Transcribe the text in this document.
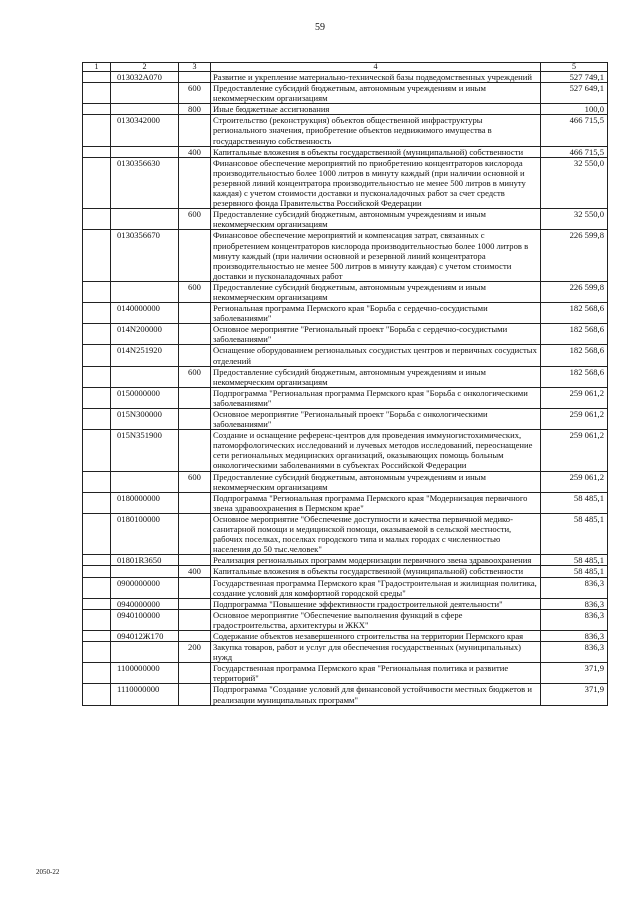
59
1	2	3	4	5
	013032A070		Развитие и укрепление материально-технической базы подведомственных учреждений	527 749,1
		600	Предоставление субсидий бюджетным, автономным учреждениям и иным некоммерческим организациям	527 649,1
		800	Иные бюджетные ассигнования	100,0
	0130342000		Строительство (реконструкция) объектов общественной инфраструктуры регионального значения, приобретение объектов недвижимого имущества в государственную собственность	466 715,5
		400	Капитальные вложения в объекты государственной (муниципальной) собственности	466 715,5
	0130356630		Финансовое обеспечение мероприятий по приобретению концентраторов кислорода производительностью более 1000 литров в минуту каждый (при наличии основной и резервной линий концентратора производительностью не менее 500 литров в минуту каждая) с учетом стоимости доставки и пусконаладочных работ за счет средств резервного фонда Правительства Российской Федерации	32 550,0
		600	Предоставление субсидий бюджетным, автономным учреждениям и иным некоммерческим организациям	32 550,0
	0130356670		Финансовое обеспечение мероприятий и компенсация затрат, связанных с приобретением концентраторов кислорода производительностью более 1000 литров в минуту каждый (при наличии основной и резервной линий концентратора производительностью не менее 500 литров в минуту каждая) с учетом стоимости доставки и пусконаладочных работ	226 599,8
		600	Предоставление субсидий бюджетным, автономным учреждениям и иным некоммерческим организациям	226 599,8
	0140000000		Региональная программа Пермского края "Борьба с сердечно-сосудистыми заболеваниями"	182 568,6
	014N200000		Основное мероприятие "Региональный проект "Борьба с сердечно-сосудистыми заболеваниями"	182 568,6
	014N251920		Оснащение оборудованием региональных сосудистых центров и первичных сосудистых отделений	182 568,6
		600	Предоставление субсидий бюджетным, автономным учреждениям и иным некоммерческим организациям	182 568,6
	0150000000		Подпрограмма "Региональная программа Пермского края "Борьба с онкологическими заболеваниями"	259 061,2
	015N300000		Основное мероприятие "Региональный проект "Борьба с онкологическими заболеваниями"	259 061,2
	015N351900		Создание и оснащение референс-центров для проведения иммуногистохимических, патоморфологических исследований и лучевых методов исследований, переоснащение сети региональных медицинских организаций, оказывающих помощь больным онкологическими заболеваниями в субъектах Российской Федерации	259 061,2
		600	Предоставление субсидий бюджетным, автономным учреждениям и иным некоммерческим организациям	259 061,2
	0180000000		Подпрограмма "Региональная программа Пермского края "Модернизация первичного звена здравоохранения в Пермском крае"	58 485,1
	0180100000		Основное мероприятие "Обеспечение доступности и качества первичной медико-санитарной помощи и медицинской помощи, оказываемой в сельской местности, рабочих поселках, поселках городского типа и малых городах с численностью населения до 50 тыс.человек"	58 485,1
	01801R3650		Реализация региональных программ модернизации первичного звена здравоохранения	58 485,1
		400	Капитальные вложения в объекты государственной (муниципальной) собственности	58 485,1
	0900000000		Государственная программа Пермского края "Градостроительная и жилищная политика, создание условий для комфортной городской среды"	836,3
	0940000000		Подпрограмма "Повышение эффективности градостроительной деятельности"	836,3
	0940100000		Основное мероприятие "Обеспечение выполнения функций в сфере градостроительства, архитектуры и ЖКХ"	836,3
	094012Ж170		Содержание объектов незавершенного строительства на территории Пермского края	836,3
		200	Закупка товаров, работ и услуг для обеспечения государственных (муниципальных) нужд	836,3
	1100000000		Государственная программа Пермского края "Региональная политика и развитие территорий"	371,9
	1110000000		Подпрограмма "Создание условий для финансовой устойчивости местных бюджетов и реализации муниципальных программ"	371,9
2050-22
